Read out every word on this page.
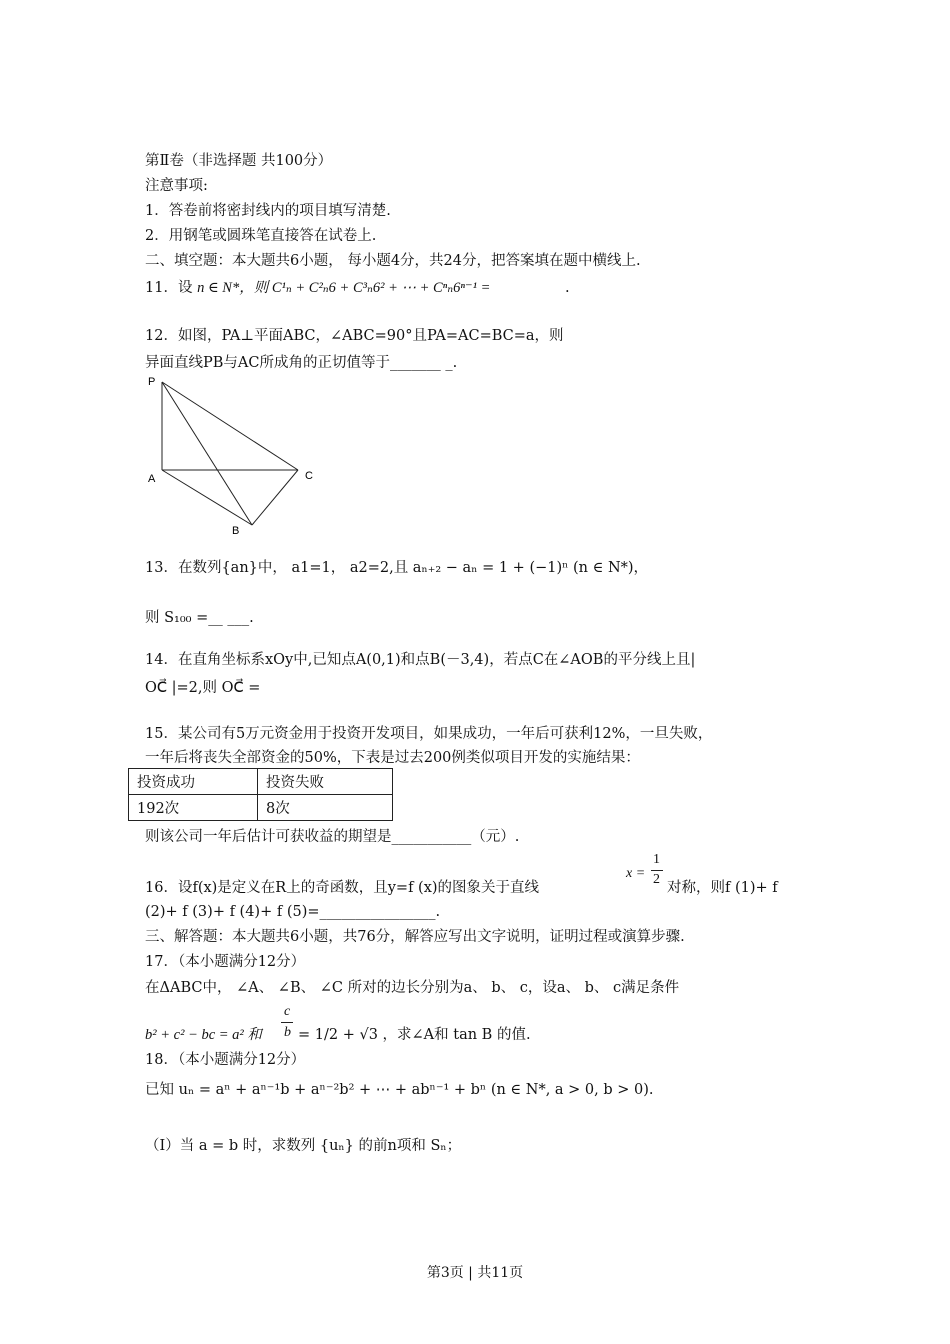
第Ⅱ卷（非选择题 共100分）
注意事项:
1．答卷前将密封线内的项目填写清楚.
2．用钢笔或圆珠笔直接答在试卷上.
二、填空题：本大题共6小题， 每小题4分，共24分，把答案填在题中横线上.
11．设 n ∈ N*，则 C¹ₙ + C²ₙ6 + C³ₙ6² + ⋯ + Cⁿₙ6ⁿ⁻¹ =	.
12．如图，PA⊥平面ABC，∠ABC=90°且PA=AC=BC=a，则
异面直线PB与AC所成角的正切值等于_______ _.
P
A
B
C
13．在数列{an}中， a1=1， a2=2,且 aₙ₊₂ − aₙ = 1 + (−1)ⁿ (n ∈ N*)，
则 S₁₀₀ =__ ___.
14．在直角坐标系xOy中,已知点A(0,1)和点B(－3,4)，若点C在∠AOB的平分线上且|
OC⃗ |=2,则 OC⃗ =
15．某公司有5万元资金用于投资开发项目，如果成功，一年后可获利12%，一旦失败，
一年后将丧失全部资金的50%，下表是过去200例类似项目开发的实施结果：
投资成功	投资失败
192次	8次
则该公司一年后估计可获收益的期望是___________（元）.
x =
1
2
16．设f(x)是定义在R上的奇函数，且y=f (x)的图象关于直线	对称，则f (1)+ f
(2)+ f (3)+ f (4)+ f (5)=________________.
三、解答题：本大题共6小题，共76分，解答应写出文字说明，证明过程或演算步骤.
17．（本小题满分12分）
在ΔABC中， ∠A、 ∠B、 ∠C 所对的边长分别为a、 b、 c，设a、 b、 c满足条件
b² + c² − bc = a² 和
c
b = 1/2 + √3 ，求∠A和 tan B 的值.
18．（本小题满分12分）
已知 uₙ = aⁿ + aⁿ⁻¹b + aⁿ⁻²b² + ⋯ + abⁿ⁻¹ + bⁿ (n ∈ N*, a > 0, b > 0).
（Ⅰ）当 a = b 时，求数列 {uₙ} 的前n项和 Sₙ；
第3页 | 共11页
